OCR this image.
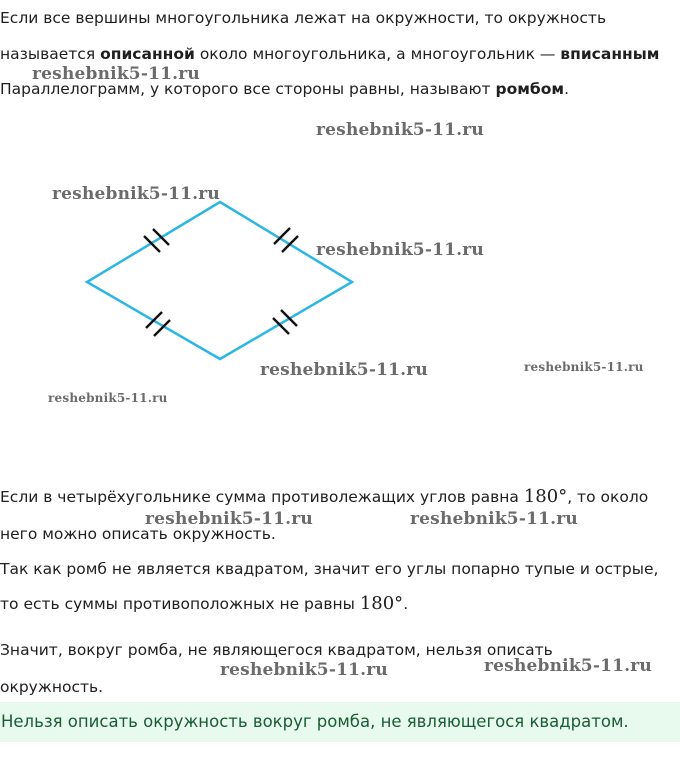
Если все вершины многоугольника лежат на окружности, то окружность
называется описанной около многоугольника, а многоугольник — вписанным
Параллелограмм, у которого все стороны равны, называют ромбом.
Если в четырёхугольнике сумма противолежащих углов равна 180°, то около
него можно описать окружность.
Так как ромб не является квадратом, значит его углы попарно тупые и острые,
то есть суммы противоположных не равны 180°.
Значит, вокруг ромба, не являющегося квадратом, нельзя описать
окружность.
Нельзя описать окружность вокруг ромба, не являющегося квадратом.
reshebnik5-11.ru
reshebnik5-11.ru
reshebnik5-11.ru
reshebnik5-11.ru
reshebnik5-11.ru	reshebnik5-11.ru
reshebnik5-11.ru
reshebnik5-11.ru	reshebnik5-11.ru
reshebnik5-11.ru	reshebnik5-11.ru
